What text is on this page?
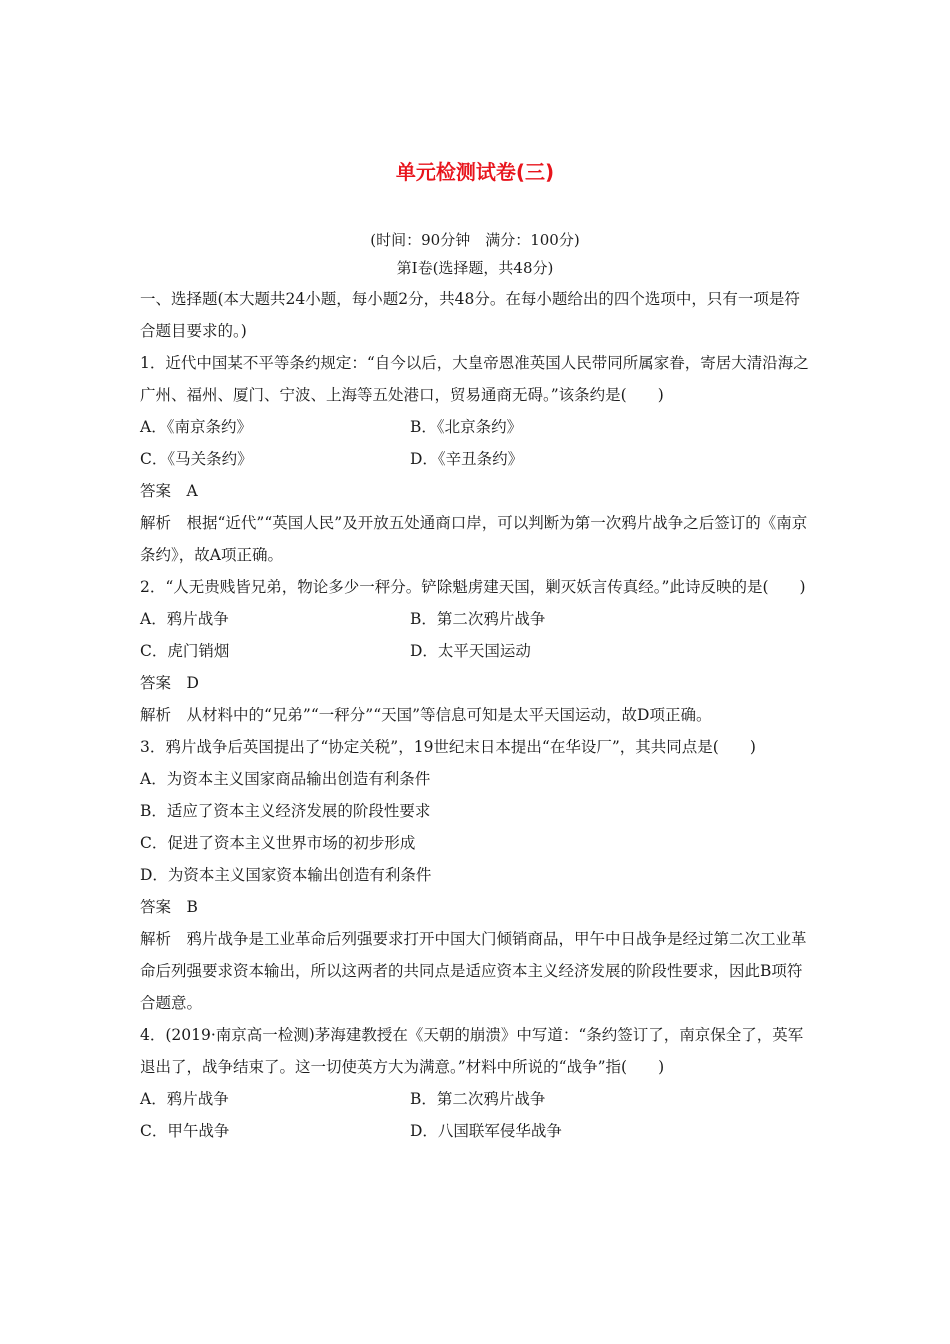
单元检测试卷(三)
(时间：90分钟　满分：100分)
第Ⅰ卷(选择题，共48分)

一、选择题(本大题共24小题，每小题2分，共48分。在每小题给出的四个选项中，只有一项是符合题目要求的。)

1．近代中国某不平等条约规定：“自今以后，大皇帝恩准英国人民带同所属家眷，寄居大清沿海之广州、福州、厦门、宁波、上海等五处港口，贸易通商无碍。”该条约是(　　)

A．《南京条约》	B．《北京条约》
C．《马关条约》	D．《辛丑条约》

答案　A

解析　根据“近代”“英国人民”及开放五处通商口岸，可以判断为第一次鸦片战争之后签订的《南京条约》，故A项正确。

2．“人无贵贱皆兄弟，物论多少一秤分。铲除魁虏建天国，剿灭妖言传真经。”此诗反映的是(　　)

A．鸦片战争	B．第二次鸦片战争
C．虎门销烟	D．太平天国运动

答案　D

解析　从材料中的“兄弟”“一秤分”“天国”等信息可知是太平天国运动，故D项正确。

3．鸦片战争后英国提出了“协定关税”，19世纪末日本提出“在华设厂”，其共同点是(　　)

A．为资本主义国家商品输出创造有利条件

B．适应了资本主义经济发展的阶段性要求

C．促进了资本主义世界市场的初步形成

D．为资本主义国家资本输出创造有利条件

答案　B

解析　鸦片战争是工业革命后列强要求打开中国大门倾销商品，甲午中日战争是经过第二次工业革命后列强要求资本输出，所以这两者的共同点是适应资本主义经济发展的阶段性要求，因此B项符合题意。

4．(2019·南京高一检测)茅海建教授在《天朝的崩溃》中写道：“条约签订了，南京保全了，英军退出了，战争结束了。这一切使英方大为满意。”材料中所说的“战争”指(　　)

A．鸦片战争	B．第二次鸦片战争
C．甲午战争	D．八国联军侵华战争
